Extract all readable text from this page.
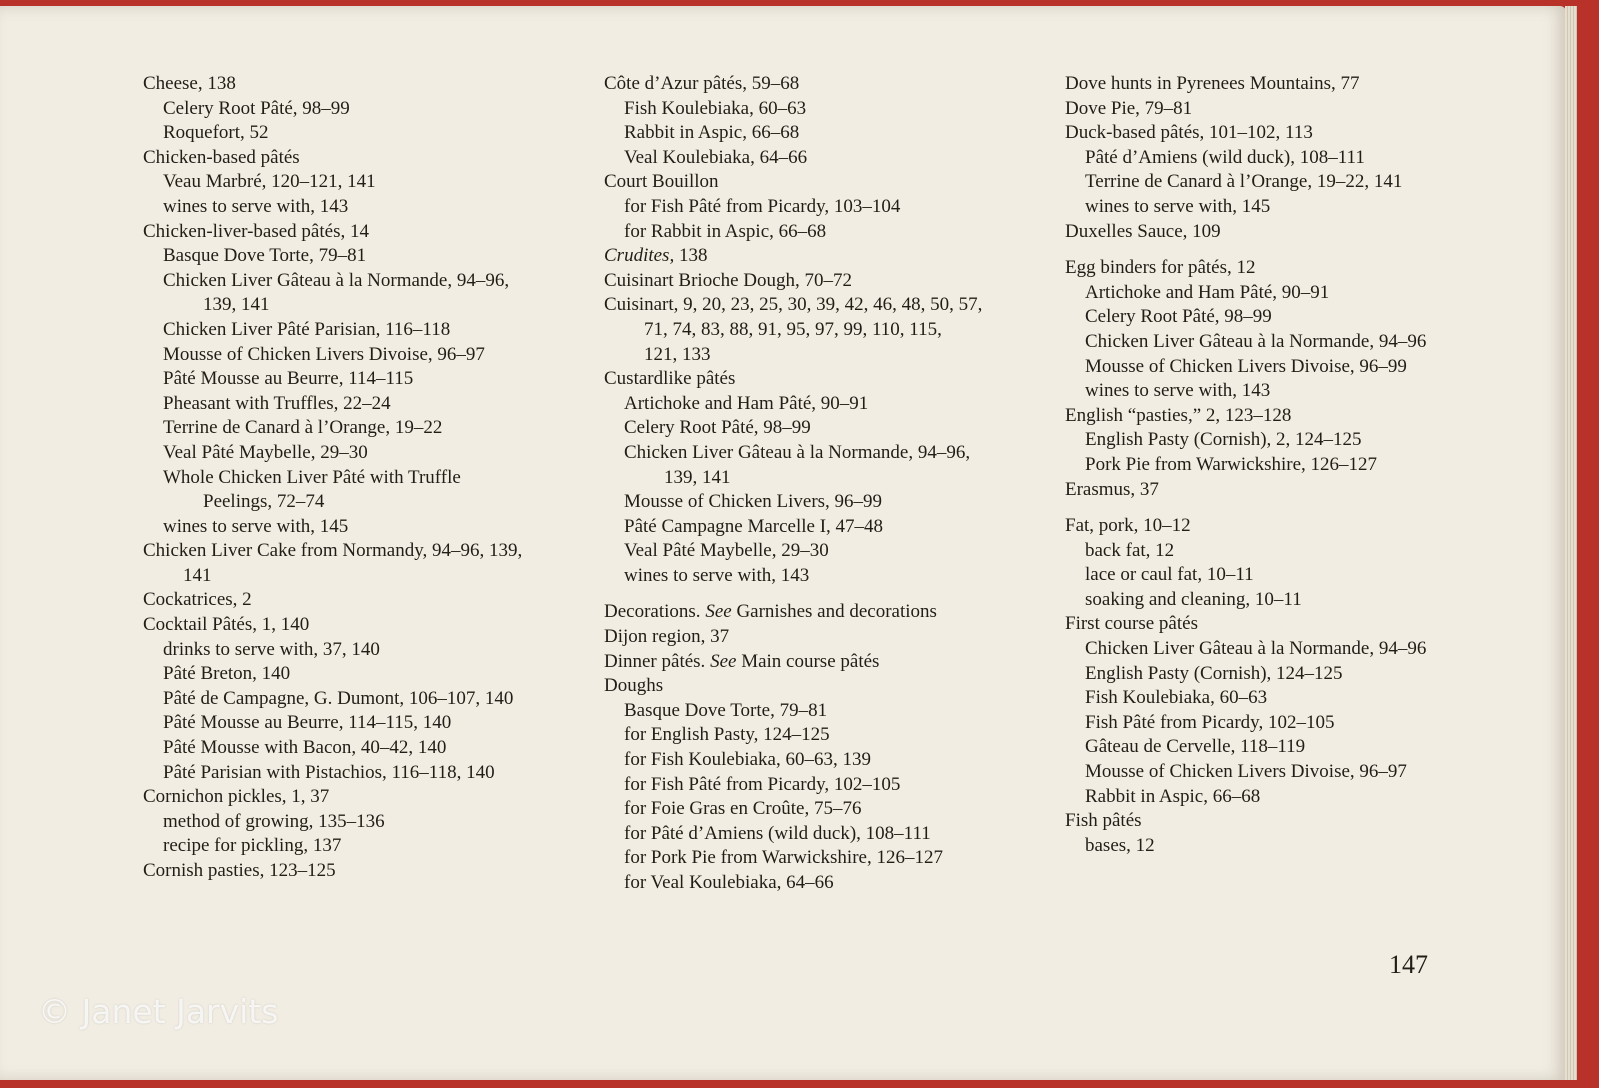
Cheese, 138
Celery Root Pâté, 98–99
Roquefort, 52
Chicken-based pâtés
Veau Marbré, 120–121, 141
wines to serve with, 143
Chicken-liver-based pâtés, 14
Basque Dove Torte, 79–81
Chicken Liver Gâteau à la Normande, 94–96,
139, 141
Chicken Liver Pâté Parisian, 116–118
Mousse of Chicken Livers Divoise, 96–97
Pâté Mousse au Beurre, 114–115
Pheasant with Truffles, 22–24
Terrine de Canard à l’Orange, 19–22
Veal Pâté Maybelle, 29–30
Whole Chicken Liver Pâté with Truffle
Peelings, 72–74
wines to serve with, 145
Chicken Liver Cake from Normandy, 94–96, 139,
141
Cockatrices, 2
Cocktail Pâtés, 1, 140
drinks to serve with, 37, 140
Pâté Breton, 140
Pâté de Campagne, G. Dumont, 106–107, 140
Pâté Mousse au Beurre, 114–115, 140
Pâté Mousse with Bacon, 40–42, 140
Pâté Parisian with Pistachios, 116–118, 140
Cornichon pickles, 1, 37
method of growing, 135–136
recipe for pickling, 137
Cornish pasties, 123–125
Côte d’Azur pâtés, 59–68
Fish Koulebiaka, 60–63
Rabbit in Aspic, 66–68
Veal Koulebiaka, 64–66
Court Bouillon
for Fish Pâté from Picardy, 103–104
for Rabbit in Aspic, 66–68
Crudites, 138
Cuisinart Brioche Dough, 70–72
Cuisinart, 9, 20, 23, 25, 30, 39, 42, 46, 48, 50, 57,
71, 74, 83, 88, 91, 95, 97, 99, 110, 115,
121, 133
Custardlike pâtés
Artichoke and Ham Pâté, 90–91
Celery Root Pâté, 98–99
Chicken Liver Gâteau à la Normande, 94–96,
139, 141
Mousse of Chicken Livers, 96–99
Pâté Campagne Marcelle I, 47–48
Veal Pâté Maybelle, 29–30
wines to serve with, 143
Decorations. See Garnishes and decorations
Dijon region, 37
Dinner pâtés. See Main course pâtés
Doughs
Basque Dove Torte, 79–81
for English Pasty, 124–125
for Fish Koulebiaka, 60–63, 139
for Fish Pâté from Picardy, 102–105
for Foie Gras en Croûte, 75–76
for Pâté d’Amiens (wild duck), 108–111
for Pork Pie from Warwickshire, 126–127
for Veal Koulebiaka, 64–66
Dove hunts in Pyrenees Mountains, 77
Dove Pie, 79–81
Duck-based pâtés, 101–102, 113
Pâté d’Amiens (wild duck), 108–111
Terrine de Canard à l’Orange, 19–22, 141
wines to serve with, 145
Duxelles Sauce, 109
Egg binders for pâtés, 12
Artichoke and Ham Pâté, 90–91
Celery Root Pâté, 98–99
Chicken Liver Gâteau à la Normande, 94–96
Mousse of Chicken Livers Divoise, 96–99
wines to serve with, 143
English “pasties,” 2, 123–128
English Pasty (Cornish), 2, 124–125
Pork Pie from Warwickshire, 126–127
Erasmus, 37
Fat, pork, 10–12
back fat, 12
lace or caul fat, 10–11
soaking and cleaning, 10–11
First course pâtés
Chicken Liver Gâteau à la Normande, 94–96
English Pasty (Cornish), 124–125
Fish Koulebiaka, 60–63
Fish Pâté from Picardy, 102–105
Gâteau de Cervelle, 118–119
Mousse of Chicken Livers Divoise, 96–97
Rabbit in Aspic, 66–68
Fish pâtés
bases, 12
147
© Janet Jarvits
